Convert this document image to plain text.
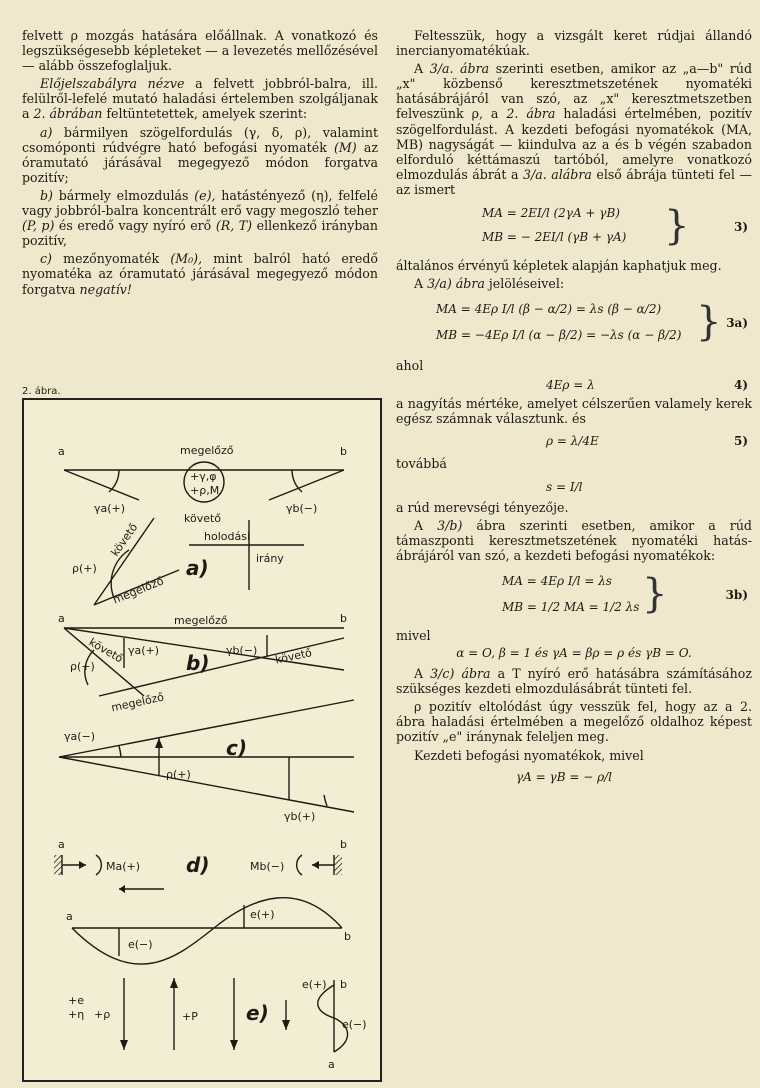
felvett ρ mozgás hatására előállnak. A vonatkozó és legszükségesebb képleteket — a levezetés mellőzésével — alább összefoglaljuk.

Előjelszabályra nézve a felvett jobbról-balra, ill. felülről-lefelé mutató haladási értelemben szolgáljanak a 2. ábrában feltüntetettek, amelyek szerint:

a) bármilyen szögelfordulás (γ, δ, ρ), valamint csomóponti rúdvégre ható befogási nyomaték (M) az óramutató járásával megegyező módon forgatva pozitív;

b) bármely elmozdulás (e), hatástényező (η), felfelé vagy jobbról-balra koncentrált erő vagy megoszló teher (P, p) és eredő vagy nyíró erő (R, T) ellenkező irányban pozitív,

c) mezőnyomaték (M₀), mint balról ható eredő nyomatéka az óramutató járásával megegyező módon forgatva negatív!

2. ábra.
a	b
megelőző
követő
+γ,φ
+ρ,M
γa(+)	γb(−)
ρ(+)
követő
megelőző
holodási
irány
a)
a	b
megelőző
γa(+)	γb(−)
ρ(+)
követő	követő
megelőző
b)
γa(−)
ρ(+)
γb(+)
c)
a	b
Ma(+)	Mb(−)
d)
a
b
e(+)
e(−)
+e
+η +ρ	+P
e(+) b
e(−)
a
e)

Feltesszük, hogy a vizsgált keret rúdjai állandó inercianyomatékúak.

A 3/a. ábra szerinti esetben, amikor az „a—b" rúd „x" közbenső keresztmetszetének nyomatéki hatásábrájáról van szó, az „x" keresztmetszetben felveszünk ρ, a 2. ábra haladási értelmében, pozitív szögelfordulást. A kezdeti befogási nyomatékok (MA, MB) nagyságát — kiindulva az a és b végén szabadon elforduló kéttámaszú tartóból, amelyre vonatkozó elmozdulás ábrát a 3/a. alábra első ábrája tünteti fel — az ismert

MA = 2EI/l (2γA + γB)
MB = − 2EI/l (γB + γA) }	3)

általános érvényű képletek alapján kaphatjuk meg.

A 3/a) ábra jelöléseivel:

MA = 4Eρ I/l (β − α/2) = λs (β − α/2)
MB = −4Eρ I/l (α − β/2) = −λs (α − β/2) } 3a)

ahol

4Eρ = λ	4)

a nagyítás mértéke, amelyet célszerűen valamely kerek egész számnak választunk. és

ρ = λ/4E	5)

továbbá

s = I/l

a rúd merevségi tényezője.

A 3/b) ábra szerinti esetben, amikor a rúd támaszponti keresztmetszetének nyomatéki hatás-ábrájáról van szó, a kezdeti befogási nyomatékok:

MA = 4Eρ I/l = λs
MB = 1/2 MA = 1/2 λs }	3b)

mivel

α = O, β = 1 és γA = βρ = ρ és γB = O.

A 3/c) ábra a T nyíró erő hatásábra számításához szükséges kezdeti elmozdulásábrát tünteti fel.

ρ pozitív eltolódást úgy vesszük fel, hogy az a 2. ábra haladási értelmében a megelőző oldalhoz képest pozitív „e" iránynak feleljen meg.

Kezdeti befogási nyomatékok, mivel

γA = γB = − ρ/l
